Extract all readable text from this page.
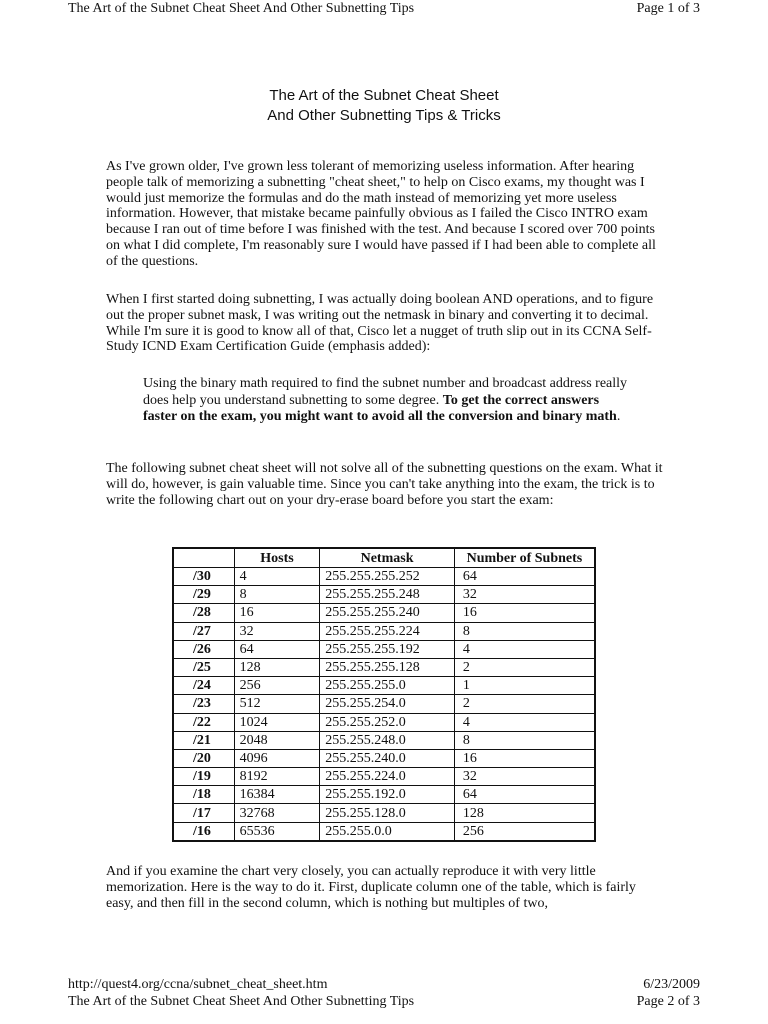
The Art of the Subnet Cheat Sheet And Other Subnetting Tips	Page 1 of 3
The Art of the Subnet Cheat Sheet
And Other Subnetting Tips & Tricks

As I've grown older, I've grown less tolerant of memorizing useless information. After hearing people talk of memorizing a subnetting "cheat sheet," to help on Cisco exams, my thought was I would just memorize the formulas and do the math instead of memorizing yet more useless information. However, that mistake became painfully obvious as I failed the Cisco INTRO exam because I ran out of time before I was finished with the test. And because I scored over 700 points on what I did complete, I'm reasonably sure I would have passed if I had been able to complete all of the questions.

When I first started doing subnetting, I was actually doing boolean AND operations, and to figure out the proper subnet mask, I was writing out the netmask in binary and converting it to decimal. While I'm sure it is good to know all of that, Cisco let a nugget of truth slip out in its CCNA Self-Study ICND Exam Certification Guide (emphasis added):

Using the binary math required to find the subnet number and broadcast address really does help you understand subnetting to some degree. To get the correct answers faster on the exam, you might want to avoid all the conversion and binary math.

The following subnet cheat sheet will not solve all of the subnetting questions on the exam. What it will do, however, is gain valuable time. Since you can't take anything into the exam, the trick is to write the following chart out on your dry-erase board before you start the exam:

	Hosts	Netmask	Number of Subnets
/30	4	255.255.255.252	64
/29	8	255.255.255.248	32
/28	16	255.255.255.240	16
/27	32	255.255.255.224	8
/26	64	255.255.255.192	4
/25	128	255.255.255.128	2
/24	256	255.255.255.0	1
/23	512	255.255.254.0	2
/22	1024	255.255.252.0	4
/21	2048	255.255.248.0	8
/20	4096	255.255.240.0	16
/19	8192	255.255.224.0	32
/18	16384	255.255.192.0	64
/17	32768	255.255.128.0	128
/16	65536	255.255.0.0	256

And if you examine the chart very closely, you can actually reproduce it with very little memorization. Here is the way to do it. First, duplicate column one of the table, which is fairly easy, and then fill in the second column, which is nothing but multiples of two,

http://quest4.org/ccna/subnet_cheat_sheet.htm
The Art of the Subnet Cheat Sheet And Other Subnetting Tips
6/23/2009
Page 2 of 3
